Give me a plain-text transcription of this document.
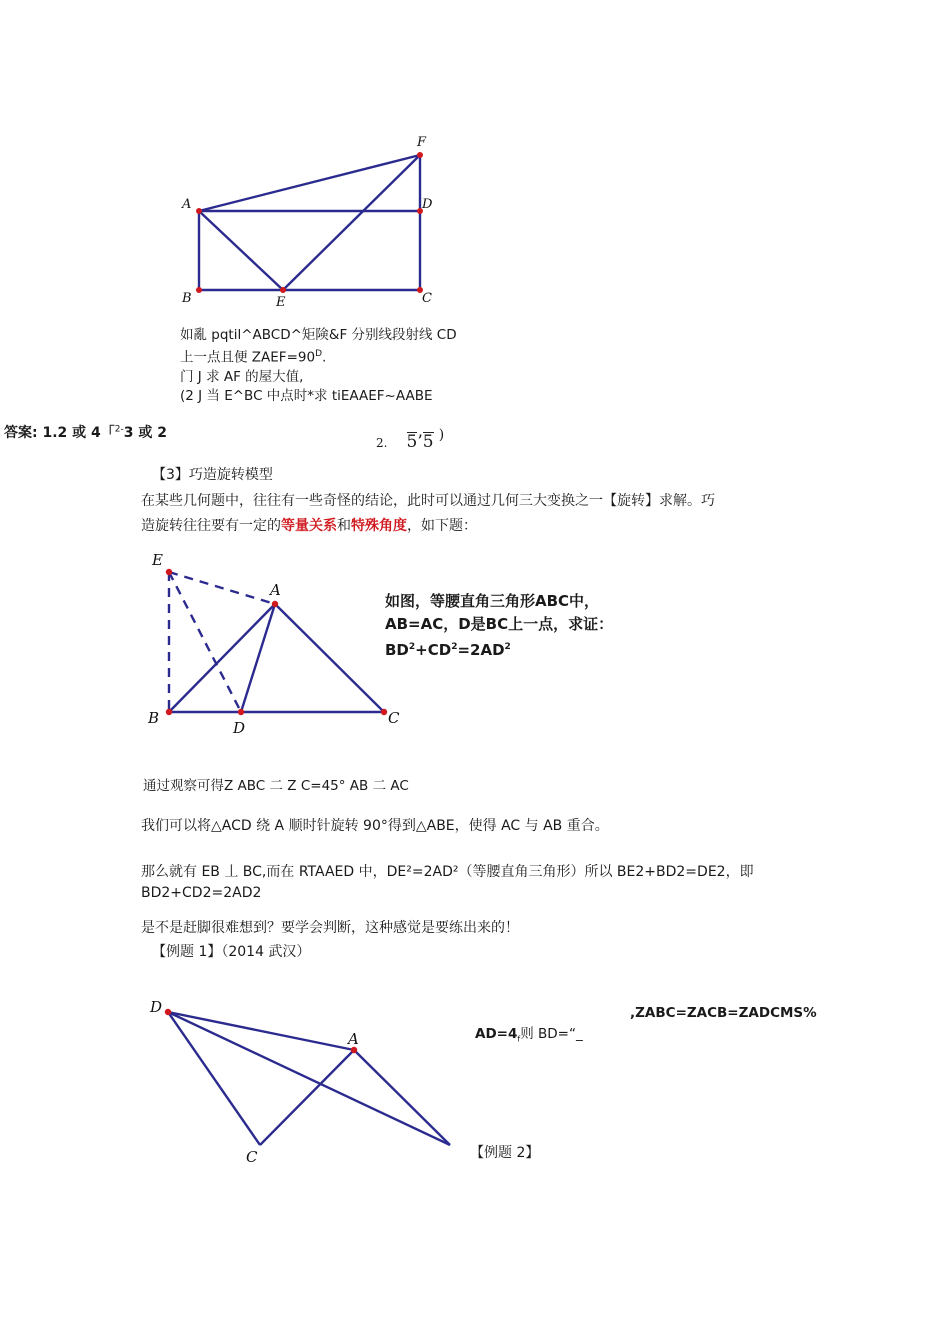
A
B	C
D
E
F
如亂 pqtil^ABCD^矩険&F 分别线段射线 CD
上一点且便 $ZAEF=90^D$.
门 J 求 AF 的屋大值,
(2 J 当 E^BC 中点时*求 tiEAAEF~AABE
答案: 1.2 或 4「$^{2-}$3 或 2
2. 5’5 )
【3】巧造旋转模型
在某些几何题中，往往有一些奇怪的结论，此时可以通过几何三大变换之一【旋转】求解。巧
造旋转往往要有一定的等量关系和特殊角度，如下题：
E
A
B	C
D
如图，等腰直角三角形ABC中，
AB=AC，D是BC上一点，求证：
$BD^2+CD^2=2AD^2$
通过观察可得Z ABC 二 Z C=45° AB 二 AC
我们可以将△ACD 绕 A 顺时针旋转 90°得到△ABE，使得 AC 与 AB 重合。
那么就有 EB 丄 BC,而在 RTAAED 中，DE²=2AD²（等腰直角三角形）所以 BE2+BD2=DE2，即
BD2+CD2=2AD2
是不是赶脚很难想到？要学会判断，这种感觉是要练出来的！
【例题 1】（2014 武汉）
D
A
C
,ZABC=ZACB=ZADCMS%
$AD=4_f$则 BD=“_
【例题 2】
